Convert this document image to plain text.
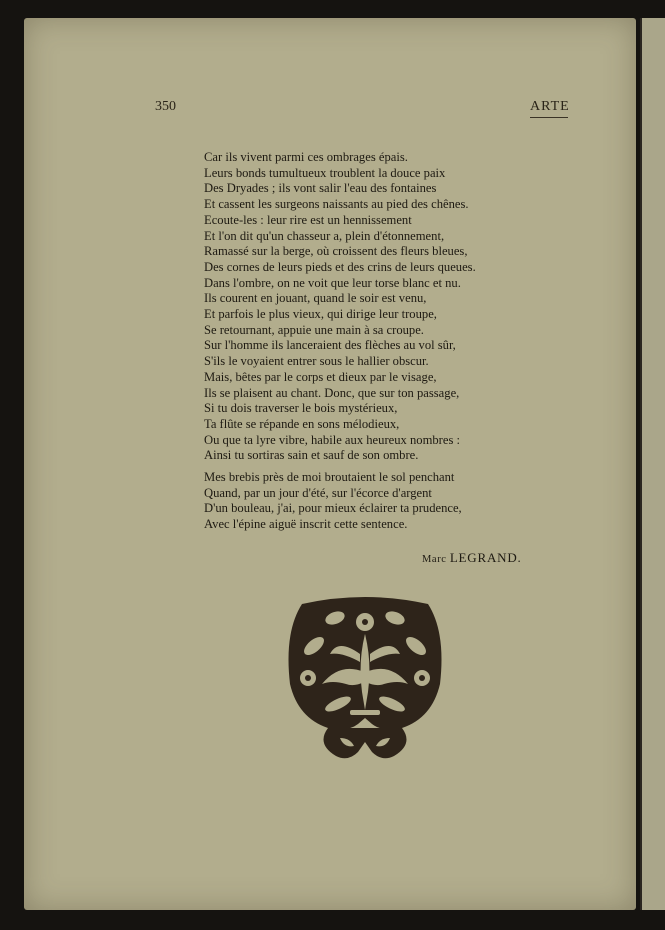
350	ARTE
Car ils vivent parmi ces ombrages épais.
Leurs bonds tumultueux troublent la douce paix
Des Dryades ; ils vont salir l'eau des fontaines
Et cassent les surgeons naissants au pied des chênes.
Ecoute-les : leur rire est un hennissement
Et l'on dit qu'un chasseur a, plein d'étonnement,
Ramassé sur la berge, où croissent des fleurs bleues,
Des cornes de leurs pieds et des crins de leurs queues.
Dans l'ombre, on ne voit que leur torse blanc et nu.
Ils courent en jouant, quand le soir est venu,
Et parfois le plus vieux, qui dirige leur troupe,
Se retournant, appuie une main à sa croupe.
Sur l'homme ils lanceraient des flèches au vol sûr,
S'ils le voyaient entrer sous le hallier obscur.
Mais, bêtes par le corps et dieux par le visage,
Ils se plaisent au chant. Donc, que sur ton passage,
Si tu dois traverser le bois mystérieux,
Ta flûte se répande en sons mélodieux,
Ou que ta lyre vibre, habile aux heureux nombres :
Ainsi tu sortiras sain et sauf de son ombre.
Mes brebis près de moi broutaient le sol penchant
Quand, par un jour d'été, sur l'écorce d'argent
D'un bouleau, j'ai, pour mieux éclairer ta prudence,
Avec l'épine aiguë inscrit cette sentence.
Marc LEGRAND.
